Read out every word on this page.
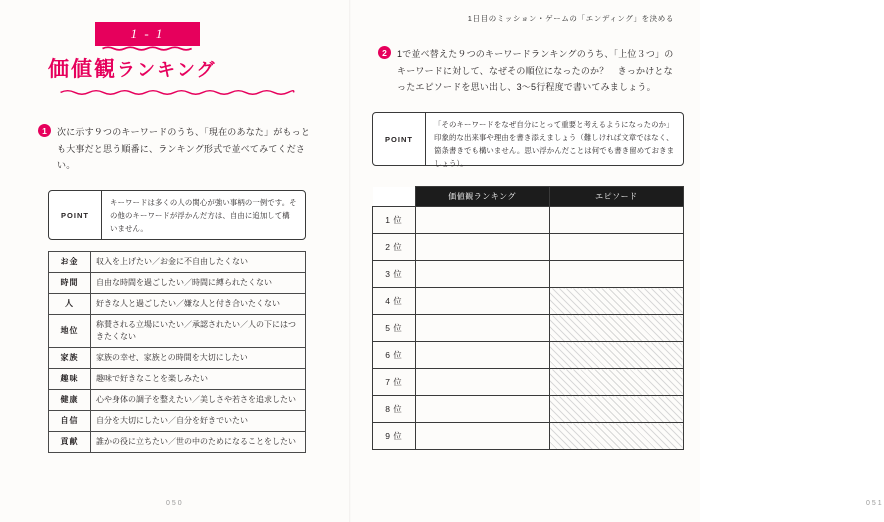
1日目のミッション・ゲームの「エンディング」を決める
1 - 1
価値観ランキング
1	次に示す９つのキーワードのうち、「現在のあなた」がもっとも大事だと思う順番に、ランキング形式で並べてみてください。
POINT
キーワードは多くの人の関心が強い事柄の一例です。その他のキーワードが浮かんだ方は、自由に追加して構いません。
お金	収入を上げたい／お金に不自由したくない
時間	自由な時間を過ごしたい／時間に縛られたくない
人	好きな人と過ごしたい／嫌な人と付き合いたくない
地位	称賛される立場にいたい／承認されたい／人の下にはつきたくない
家族	家族の幸せ、家族との時間を大切にしたい
趣味	趣味で好きなことを楽しみたい
健康	心や身体の調子を整えたい／美しさや若さを追求したい
自信	自分を大切にしたい／自分を好きでいたい
貢献	誰かの役に立ちたい／世の中のためになることをしたい
050
2	1で並べ替えた９つのキーワードランキングのうち、「上位３つ」のキーワードに対して、なぜその順位になったのか？　きっかけとなったエピソードを思い出し、3〜5行程度で書いてみましょう。
POINT
「そのキーワードをなぜ自分にとって重要と考えるようになったのか」印象的な出来事や理由を書き添えましょう（難しければ文章ではなく、箇条書きでも構いません。思い浮かんだことは何でも書き留めておきましょう）。
	価値観ランキング	エピソード
1 位		
2 位		
3 位		
4 位		
5 位		
6 位		
7 位		
8 位		
9 位		
051
